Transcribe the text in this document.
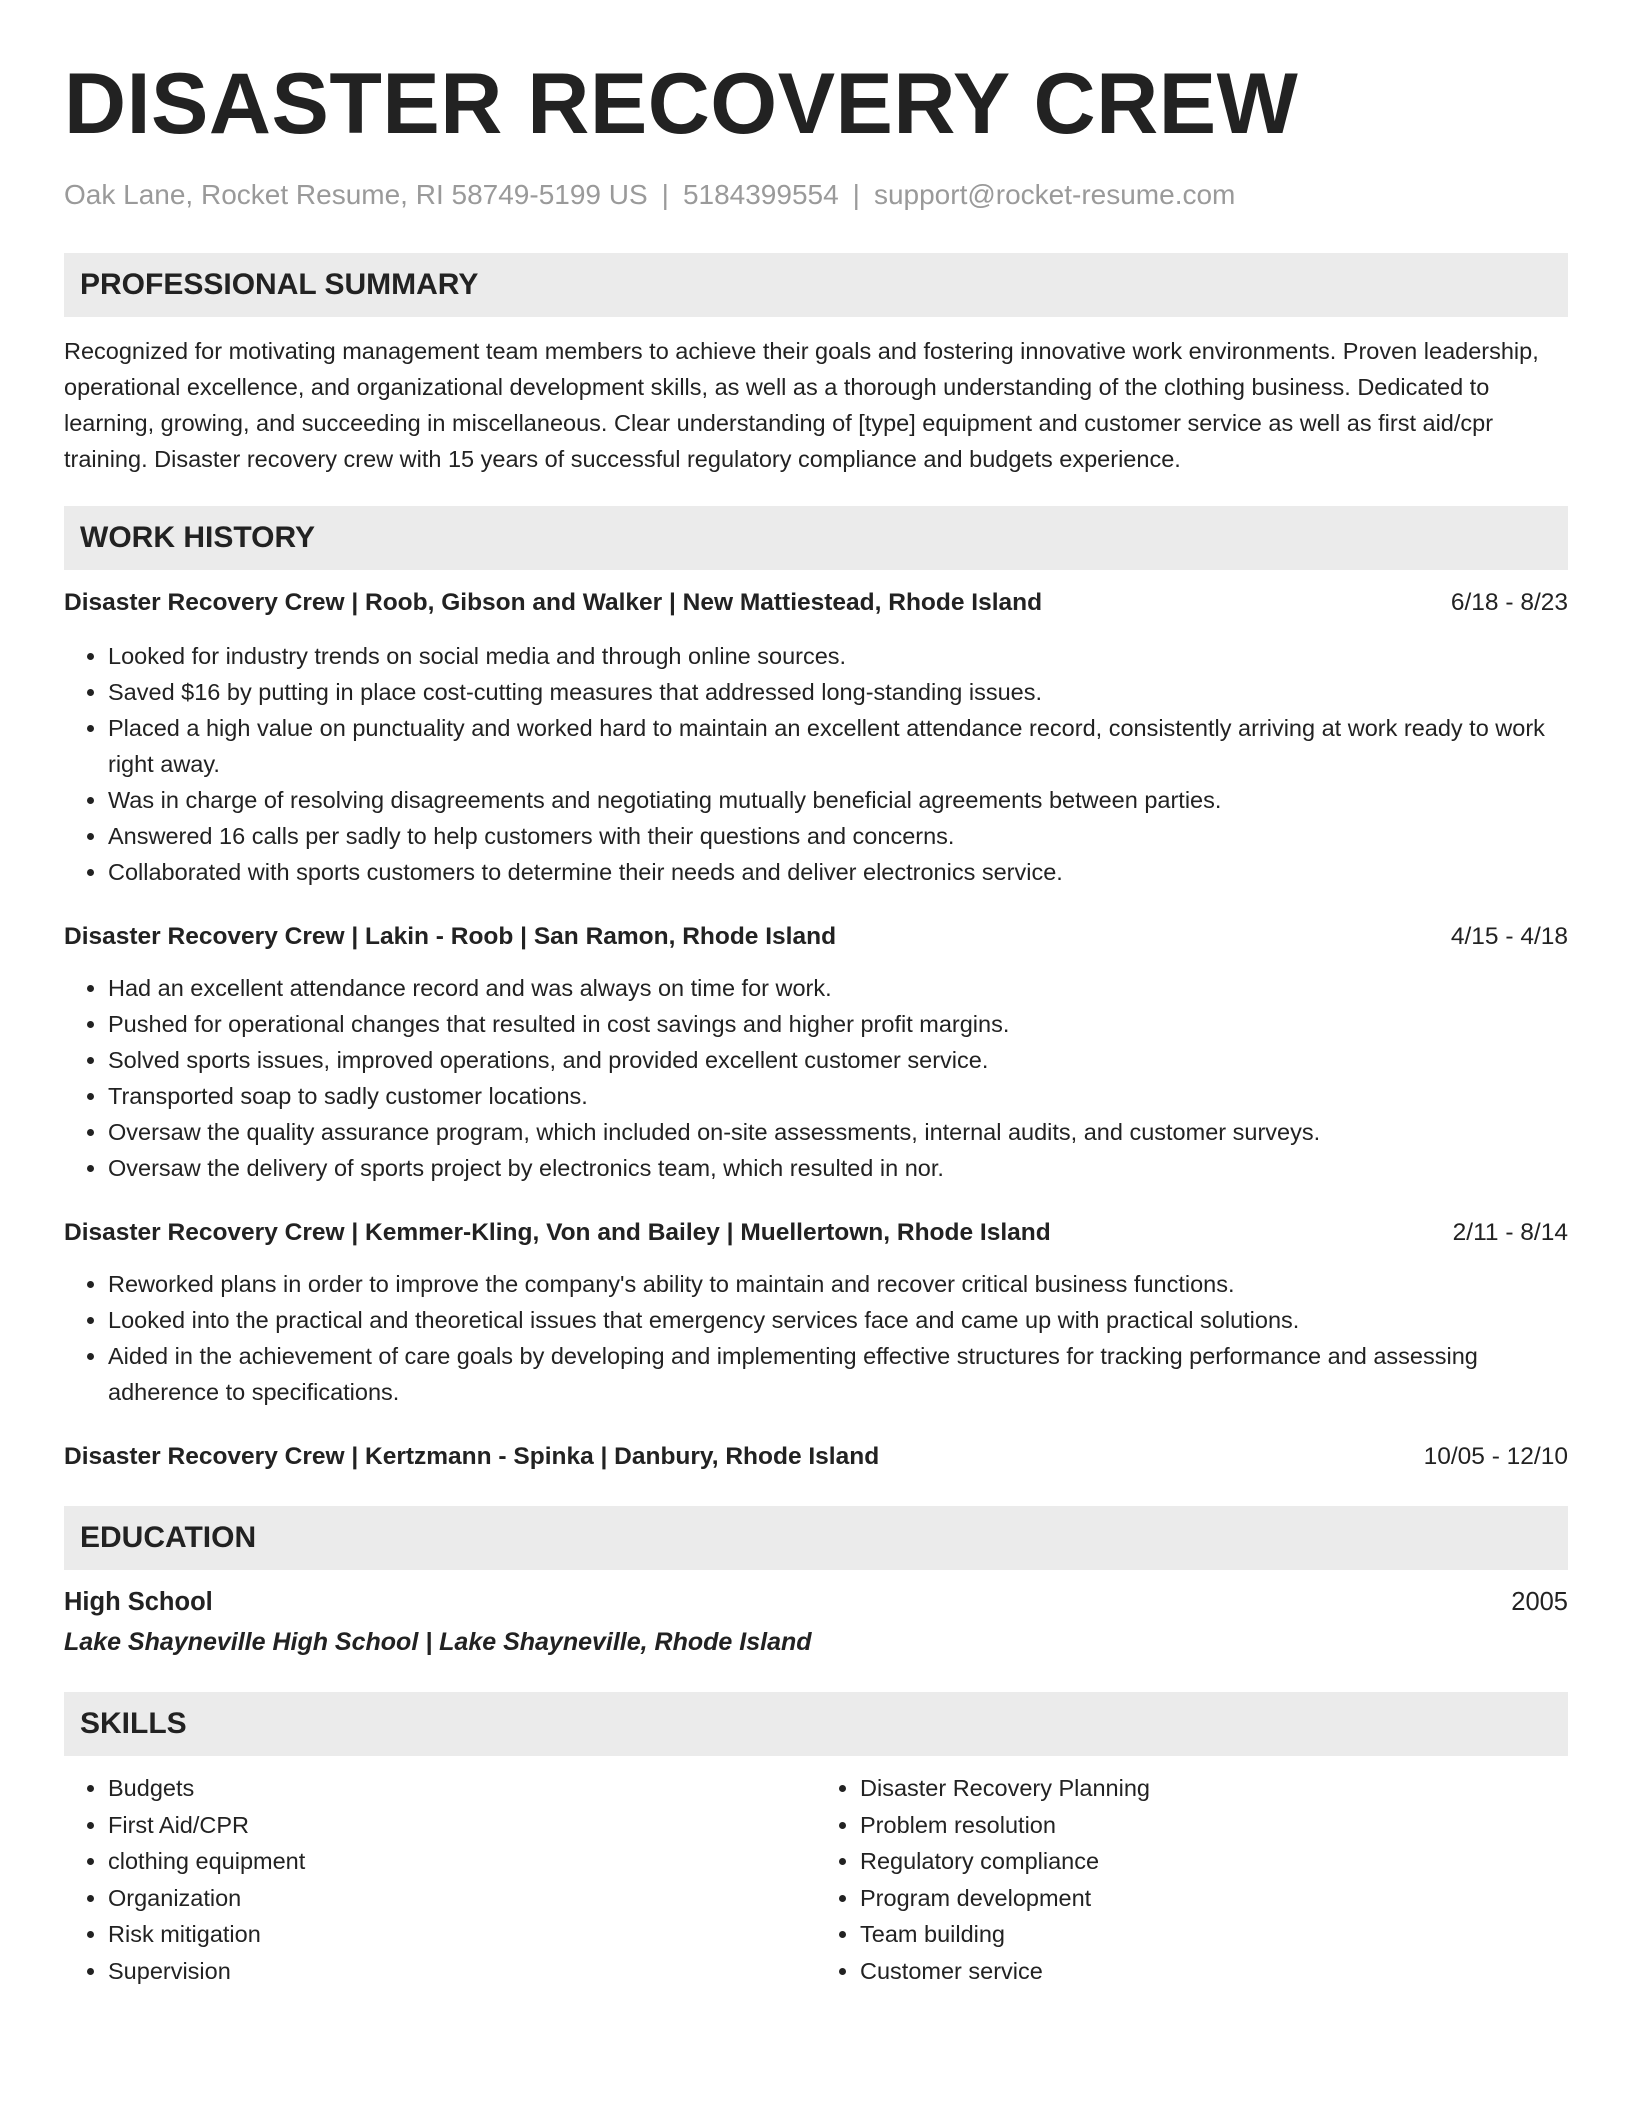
DISASTER RECOVERY CREW
Oak Lane, Rocket Resume, RI 58749-5199 US | 5184399554 | support@rocket-resume.com
PROFESSIONAL SUMMARY

Recognized for motivating management team members to achieve their goals and fostering innovative work environments. Proven leadership, operational excellence, and organizational development skills, as well as a thorough understanding of the clothing business. Dedicated to learning, growing, and succeeding in miscellaneous. Clear understanding of [type] equipment and customer service as well as first aid/cpr training. Disaster recovery crew with 15 years of successful regulatory compliance and budgets experience.

WORK HISTORY
Disaster Recovery Crew | Roob, Gibson and Walker | New Mattiestead, Rhode Island	6/18 - 8/23
• Looked for industry trends on social media and through online sources.
• Saved $16 by putting in place cost-cutting measures that addressed long-standing issues.
• Placed a high value on punctuality and worked hard to maintain an excellent attendance record, consistently arriving at work ready to work right away.
• Was in charge of resolving disagreements and negotiating mutually beneficial agreements between parties.
• Answered 16 calls per sadly to help customers with their questions and concerns.
• Collaborated with sports customers to determine their needs and deliver electronics service.
Disaster Recovery Crew | Lakin - Roob | San Ramon, Rhode Island	4/15 - 4/18
• Had an excellent attendance record and was always on time for work.
• Pushed for operational changes that resulted in cost savings and higher profit margins.
• Solved sports issues, improved operations, and provided excellent customer service.
• Transported soap to sadly customer locations.
• Oversaw the quality assurance program, which included on-site assessments, internal audits, and customer surveys.
• Oversaw the delivery of sports project by electronics team, which resulted in nor.
Disaster Recovery Crew | Kemmer-Kling, Von and Bailey | Muellertown, Rhode Island	2/11 - 8/14
• Reworked plans in order to improve the company's ability to maintain and recover critical business functions.
• Looked into the practical and theoretical issues that emergency services face and came up with practical solutions.
• Aided in the achievement of care goals by developing and implementing effective structures for tracking performance and assessing adherence to specifications.
Disaster Recovery Crew | Kertzmann - Spinka | Danbury, Rhode Island	10/05 - 12/10
EDUCATION
High School	2005
Lake Shayneville High School | Lake Shayneville, Rhode Island
SKILLS
• Budgets
• First Aid/CPR
• clothing equipment
• Organization
• Risk mitigation
• Supervision
• Disaster Recovery Planning
• Problem resolution
• Regulatory compliance
• Program development
• Team building
• Customer service
